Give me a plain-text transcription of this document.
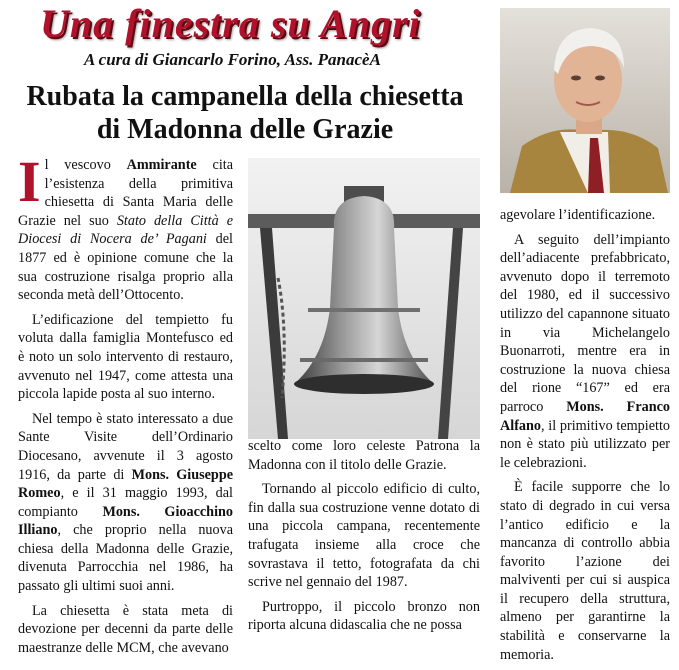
Una finestra su Angri
A cura di Giancarlo Forino, Ass. PanacèA
Rubata la campanella della chiesetta
di Madonna delle Grazie

Il vescovo Ammirante cita l’esistenza della primitiva chiesetta di Santa Maria delle Grazie nel suo Stato della Città e Diocesi di Nocera de’ Pagani del 1877 ed è opinione comune che la sua costruzione risalga proprio alla seconda metà dell’Ottocento.

L’edificazione del tempietto fu voluta dalla famiglia Montefusco ed è noto un solo intervento di restauro, avvenuto nel 1947, come attesta una piccola lapide posta al suo interno.

Nel tempo è stato interessato a due Sante Visite dell’Ordinario Diocesano, avvenute il 3 agosto 1916, da parte di Mons. Giuseppe Romeo, e il 31 maggio 1993, dal compianto Mons. Gioacchino Illiano, che proprio nella nuova chiesa della Madonna delle Grazie, divenuta Parrocchia nel 1986, ha passato gli ultimi suoi anni.

La chiesetta è stata meta di devozione per decenni da parte delle maestranze delle MCM, che avevano

scelto come loro celeste Patrona la Madonna con il titolo delle Grazie.

Tornando al piccolo edificio di culto, fin dalla sua costruzione venne dotato di una piccola campana, recentemente trafugata insieme alla croce che sovrastava il tetto, fotografata da chi scrive nel gennaio del 1987.

Purtroppo, il piccolo bronzo non riporta alcuna didascalia che ne possa

agevolare l’identificazione.

A seguito dell’impianto dell’adiacente prefabbricato, avvenuto dopo il terremoto del 1980, ed il successivo utilizzo del capannone situato in via Michelangelo Buonarroti, mentre era in costruzione la nuova chiesa del rione “167” ed era parroco Mons. Franco Alfano, il primitivo tempietto non è stato più utilizzato per le celebrazioni.

È facile supporre che lo stato di degrado in cui versa l’antico edificio e la mancanza di controllo abbia favorito l’azione dei malviventi per cui si auspica il recupero della struttura, almeno per garantirne la stabilità e conservarne la memoria.
